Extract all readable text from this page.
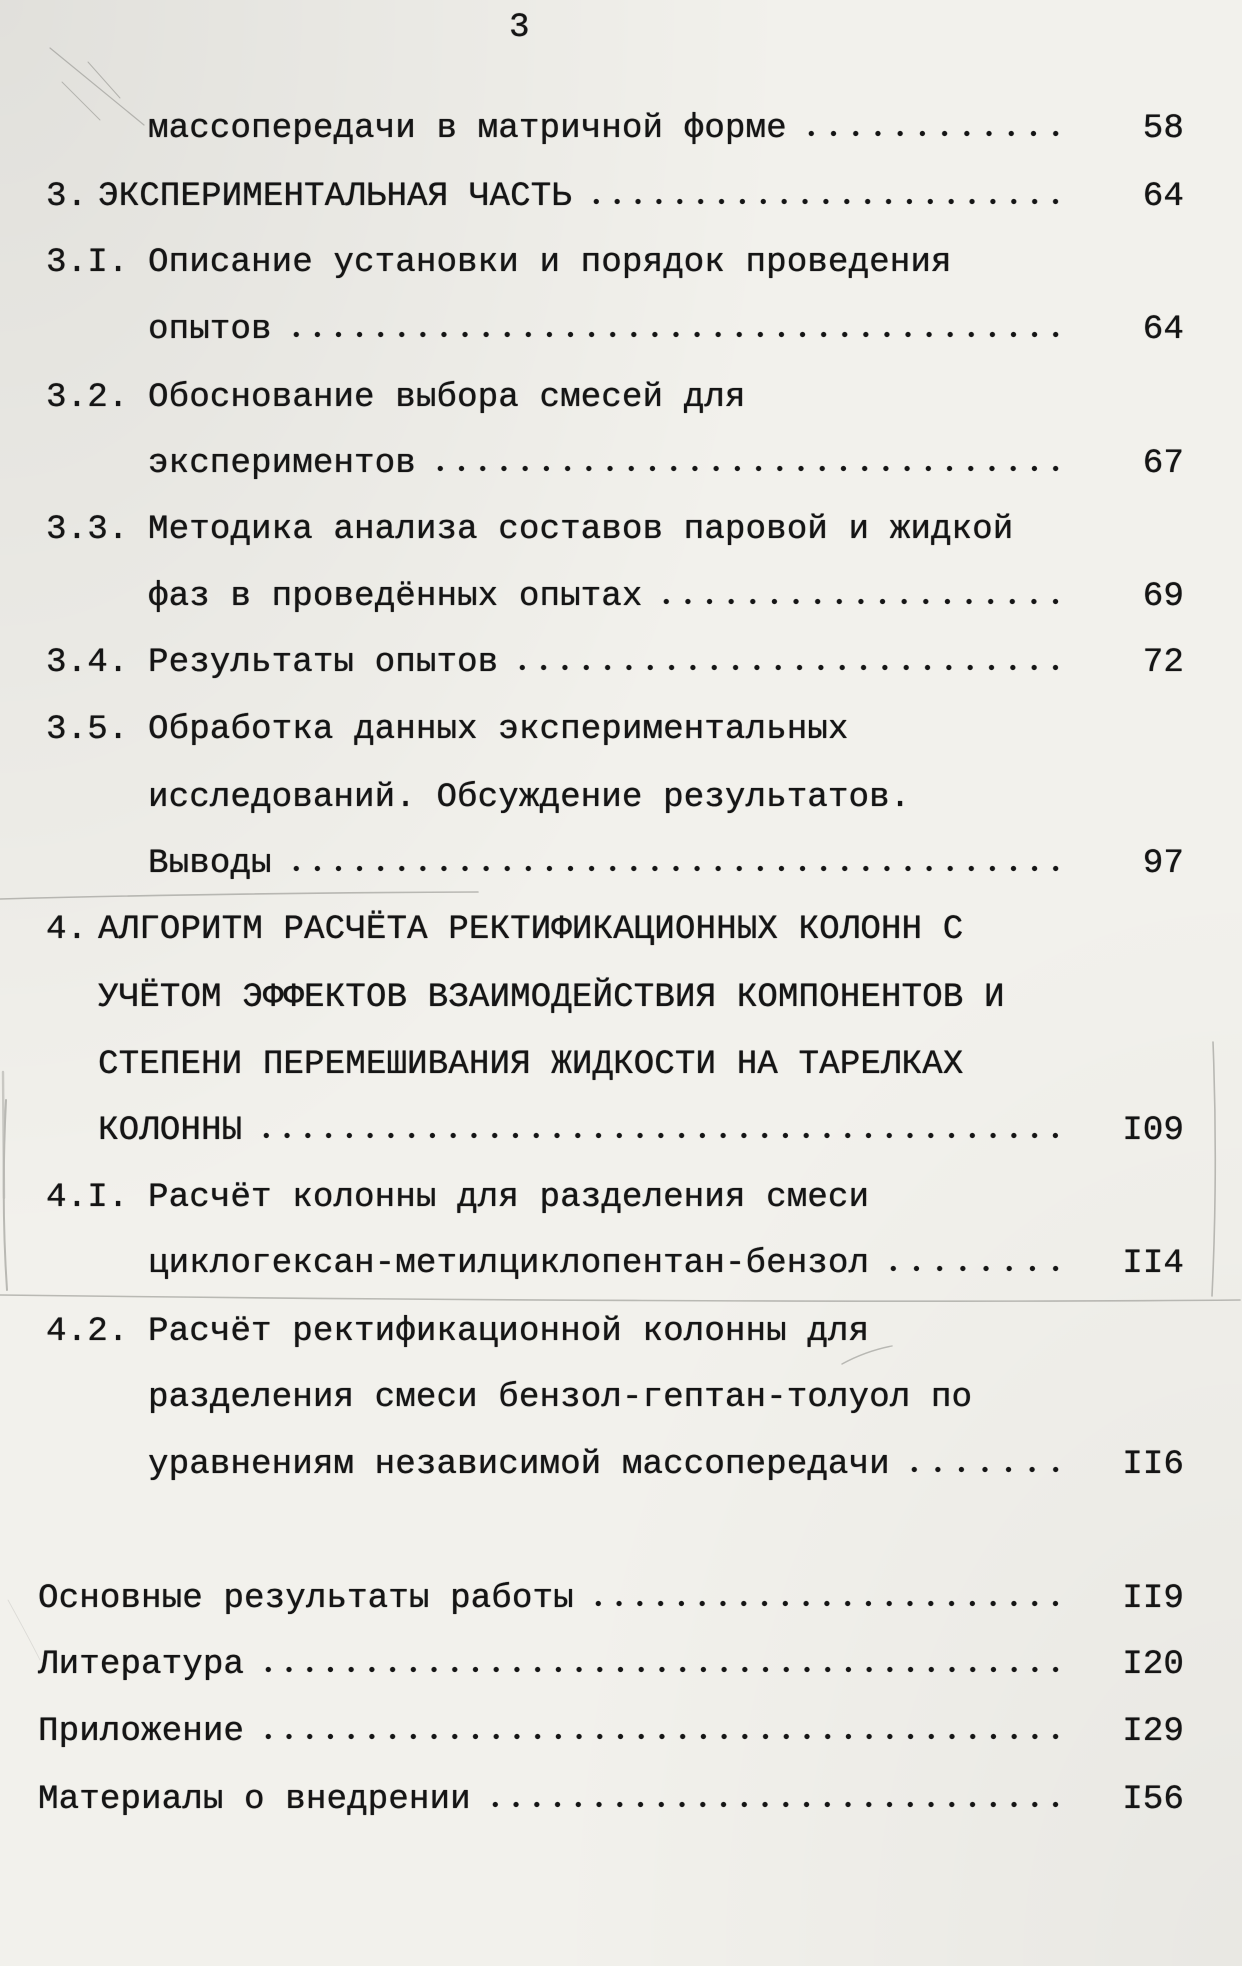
3
массопередачи в матричной форме	58
3. ЭКСПЕРИМЕНТАЛЬНАЯ ЧАСТЬ	64
3.I. Описание установки и порядок проведения
опытов	64
3.2. Обоснование выбора смесей для
экспериментов	67
3.3. Методика анализа составов паровой и жидкой
фаз в проведённых опытах	69
3.4. Результаты опытов	72
3.5. Обработка данных экспериментальных
исследований. Обсуждение результатов.
Выводы	97
4. АЛГОРИТМ РАСЧЁТА РЕКТИФИКАЦИОННЫХ КОЛОНН С
УЧЁТОМ ЭФФЕКТОВ ВЗАИМОДЕЙСТВИЯ КОМПОНЕНТОВ И
СТЕПЕНИ ПЕРЕМЕШИВАНИЯ ЖИДКОСТИ НА ТАРЕЛКАХ
КОЛОННЫ	I09
4.I. Расчёт колонны для разделения смеси
циклогексан-метилциклопентан-бензол	II4
4.2. Расчёт ректификационной колонны для
разделения смеси бензол-гептан-толуол по
уравнениям независимой массопередачи	II6
Основные результаты работы	II9
Литература	I20
Приложение	I29
Материалы о внедрении	I56
